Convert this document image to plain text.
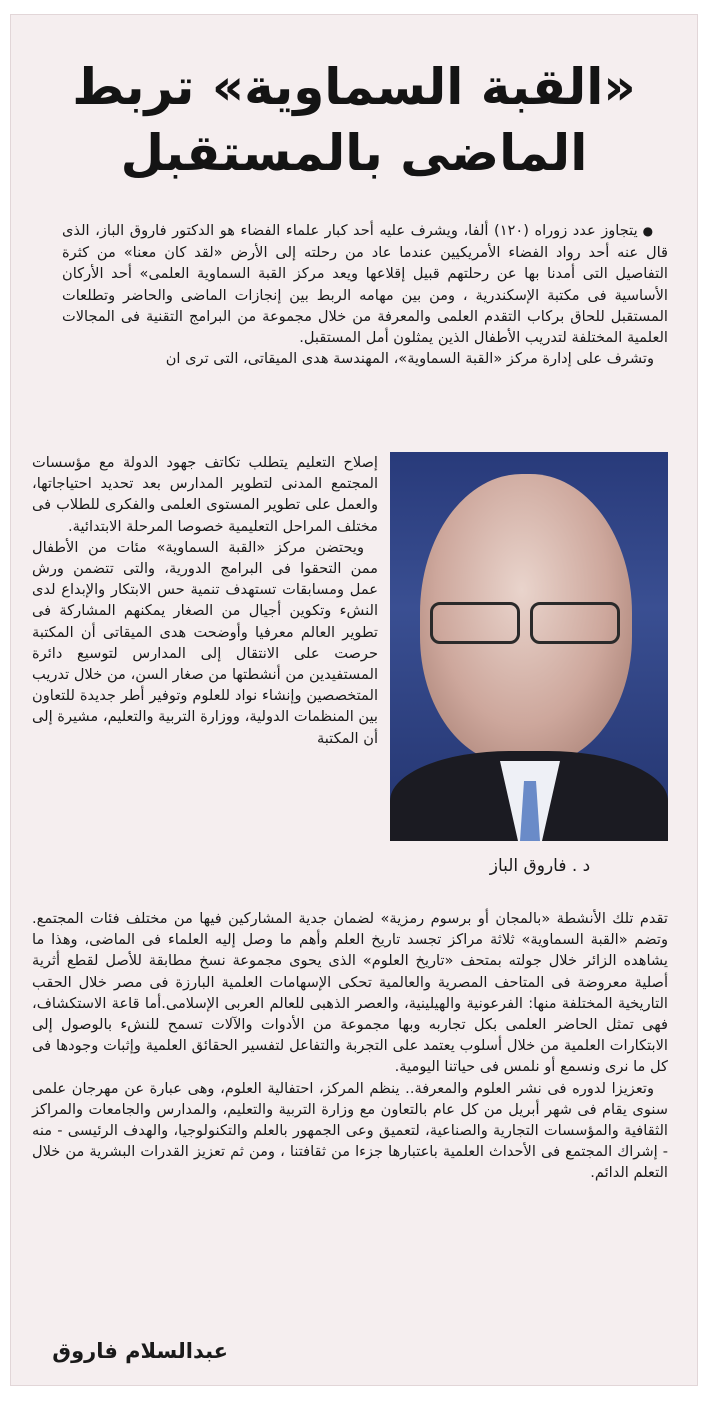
«القبة السماوية» تربط
الماضى بالمستقبل

● يتجاوز عدد زوراه (١٢٠) ألفا، ويشرف عليه أحد كبار علماء الفضاء هو الدكتور فاروق الباز، الذى قال عنه أحد رواد الفضاء الأمريكيين عندما عاد من رحلته إلى الأرض «لقد كان معنا» من كثرة التفاصيل التى أمدنا بها عن رحلتهم قبيل إقلاعها ويعد مركز القبة السماوية العلمى» أحد الأركان الأساسية فى مكتبة الإسكندرية ، ومن بين مهامه الربط بين إنجازات الماضى والحاضر وتطلعات المستقبل للحاق بركاب التقدم العلمى والمعرفة من خلال مجموعة من البرامج التقنية فى المجالات العلمية المختلفة لتدريب الأطفال الذين يمثلون أمل المستقبل.

وتشرف على إدارة مركز «القبة السماوية»، المهندسة هدى الميقاتى، التى ترى ان

إصلاح التعليم يتطلب تكاتف جهود الدولة مع مؤسسات المجتمع المدنى لتطوير المدارس بعد تحديد احتياجاتها، والعمل على تطوير المستوى العلمى والفكرى للطلاب فى مختلف المراحل التعليمية خصوصا المرحلة الابتدائية.

ويحتضن مركز «القبة السماوية» مئات من الأطفال ممن التحقوا فى البرامج الدورية، والتى تتضمن ورش عمل ومسابقات تستهدف تنمية حس الابتكار والإبداع لدى النشء وتكوين أجيال من الصغار يمكنهم المشاركة فى تطوير العالم معرفيا وأوضحت هدى الميقاتى أن المكتبة حرصت على الانتقال إلى المدارس لتوسيع دائرة المستفيدين من أنشطتها من صغار السن، من خلال تدريب المتخصصين وإنشاء نواد للعلوم وتوفير أطر جديدة للتعاون بين المنظمات الدولية، ووزارة التربية والتعليم، مشيرة إلى أن المكتبة

د . فاروق الباز

تقدم تلك الأنشطة «بالمجان أو برسوم رمزية» لضمان جدية المشاركين فيها من مختلف فئات المجتمع. وتضم «القبة السماوية» ثلاثة مراكز تجسد تاريخ العلم وأهم ما وصل إليه العلماء فى الماضى، وهذا ما يشاهده الزائر خلال جولته بمتحف «تاريخ العلوم» الذى يحوى مجموعة نسخ مطابقة للأصل لقطع أثرية أصلية معروضة فى المتاحف المصرية والعالمية تحكى الإسهامات العلمية البارزة فى مصر خلال الحقب التاريخية المختلفة منها: الفرعونية والهيلينية، والعصر الذهبى للعالم العربى الإسلامى.أما قاعة الاستكشاف، فهى تمثل الحاضر العلمى بكل تجاربه وبها مجموعة من الأدوات والآلات تسمح للنشء بالوصول إلى الابتكارات العلمية من خلال أسلوب يعتمد على التجربة والتفاعل لتفسير الحقائق العلمية وإثبات وجودها فى كل ما نرى ونسمع أو نلمس فى حياتنا اليومية.

وتعزيزا لدوره فى نشر العلوم والمعرفة.. ينظم المركز، احتفالية العلوم، وهى عبارة عن مهرجان علمى سنوى يقام فى شهر أبريل من كل عام بالتعاون مع وزارة التربية والتعليم، والمدارس والجامعات والمراكز الثقافية والمؤسسات التجارية والصناعية، لتعميق وعى الجمهور بالعلم والتكنولوجيا، والهدف الرئيسى - منه - إشراك المجتمع فى الأحداث العلمية باعتبارها جزءا من ثقافتنا ، ومن ثم تعزيز القدرات البشرية من خلال التعلم الدائم.

عبدالسلام فاروق
